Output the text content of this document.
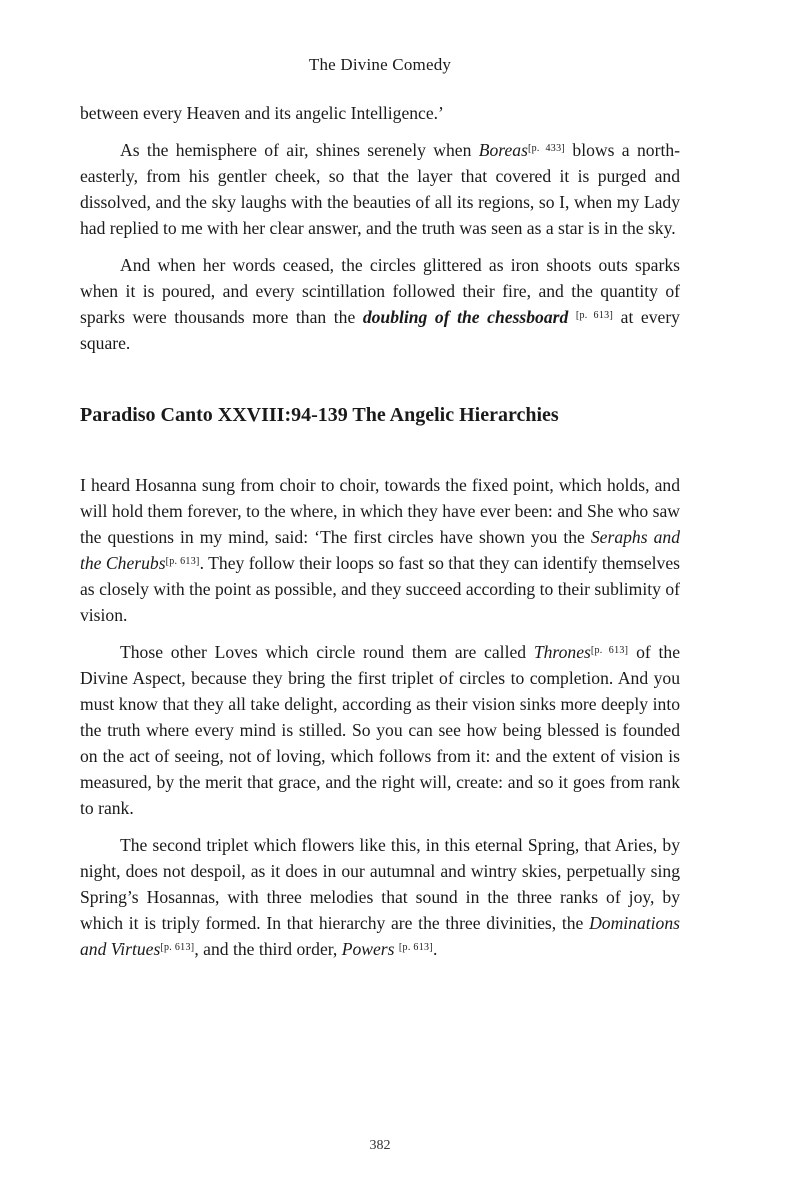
The Divine Comedy

between every Heaven and its angelic Intelligence.’

As the hemisphere of air, shines serenely when Boreas[p. 433] blows a north-easterly, from his gentler cheek, so that the layer that covered it is purged and dissolved, and the sky laughs with the beauties of all its regions, so I, when my Lady had replied to me with her clear answer, and the truth was seen as a star is in the sky.

And when her words ceased, the circles glittered as iron shoots outs sparks when it is poured, and every scintillation followed their fire, and the quantity of sparks were thousands more than the doubling of the chessboard [p. 613] at every square.

Paradiso Canto XXVIII:94-139 The Angelic Hierarchies

I heard Hosanna sung from choir to choir, towards the fixed point, which holds, and will hold them forever, to the where, in which they have ever been: and She who saw the questions in my mind, said: ‘The first circles have shown you the Seraphs and the Cherubs[p. 613]. They follow their loops so fast so that they can identify themselves as closely with the point as possible, and they succeed according to their sublimity of vision.

Those other Loves which circle round them are called Thrones[p. 613] of the Divine Aspect, because they bring the first triplet of circles to completion. And you must know that they all take delight, according as their vision sinks more deeply into the truth where every mind is stilled. So you can see how being blessed is founded on the act of seeing, not of loving, which follows from it: and the extent of vision is measured, by the merit that grace, and the right will, create: and so it goes from rank to rank.

The second triplet which flowers like this, in this eternal Spring, that Aries, by night, does not despoil, as it does in our autumnal and wintry skies, perpetually sing Spring’s Hosannas, with three melodies that sound in the three ranks of joy, by which it is triply formed. In that hierarchy are the three divinities, the Dominations and Virtues[p. 613], and the third order, Powers [p. 613].

382
